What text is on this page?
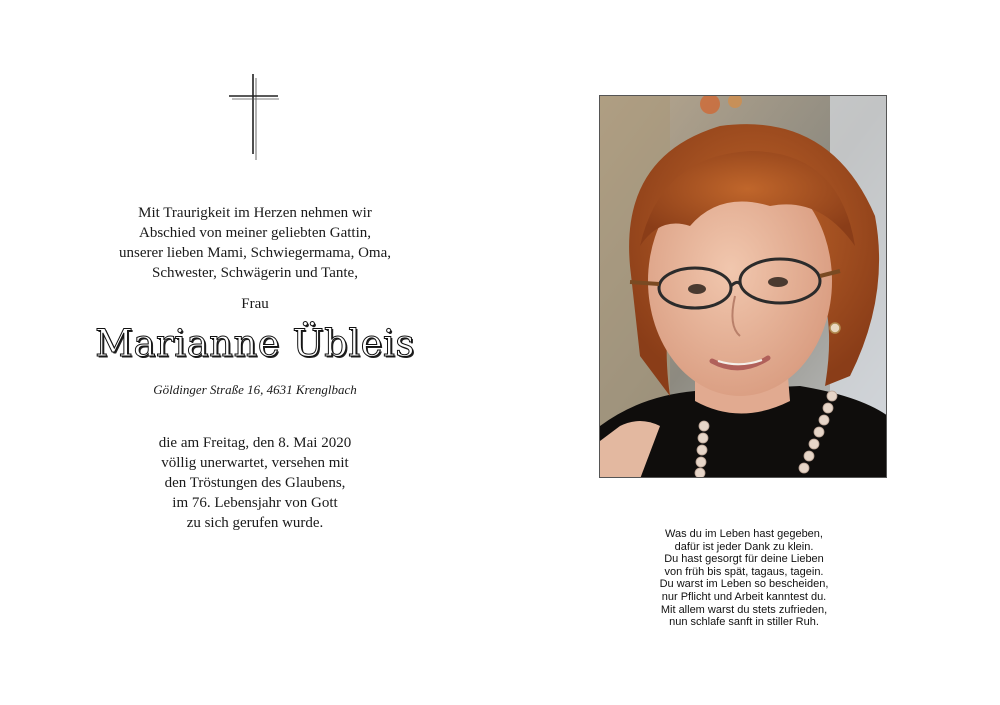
Mit Traurigkeit im Herzen nehmen wir
Abschied von meiner geliebten Gattin,
unserer lieben Mami, Schwiegermama, Oma,
Schwester, Schwägerin und Tante,
Frau
Marianne Übleis
Göldinger Straße 16, 4631 Krenglbach
die am Freitag, den 8. Mai 2020
völlig unerwartet, versehen mit
den Tröstungen des Glaubens,
im 76. Lebensjahr von Gott
zu sich gerufen wurde.
Was du im Leben hast gegeben,
dafür ist jeder Dank zu klein.
Du hast gesorgt für deine Lieben
von früh bis spät, tagaus, tagein.
Du warst im Leben so bescheiden,
nur Pflicht und Arbeit kanntest du.
Mit allem warst du stets zufrieden,
nun schlafe sanft in stiller Ruh.
